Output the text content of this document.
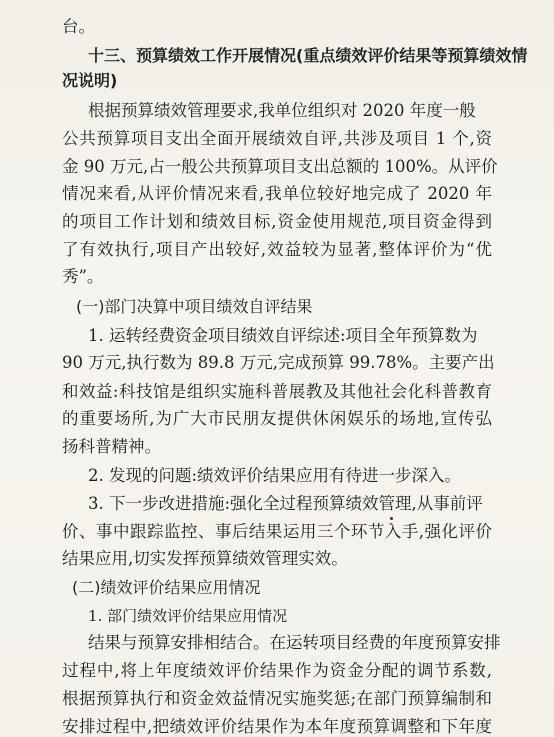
台。
十三、预算绩效工作开展情况(重点绩效评价结果等预算绩效情
况说明)
根据预算绩效管理要求,我单位组织对 2020 年度一般
公共预算项目支出全面开展绩效自评,共涉及项目 1 个,资
金 90 万元,占一般公共预算项目支出总额的 100%。从评价
情况来看,从评价情况来看,我单位较好地完成了 2020 年
的项目工作计划和绩效目标,资金使用规范,项目资金得到
了有效执行,项目产出较好,效益较为显著,整体评价为“优
秀”。
(一)部门决算中项目绩效自评结果
1. 运转经费资金项目绩效自评综述:项目全年预算数为
90 万元,执行数为 89.8 万元,完成预算 99.78%。主要产出
和效益:科技馆是组织实施科普展教及其他社会化科普教育
的重要场所,为广大市民朋友提供休闲娱乐的场地,宣传弘
扬科普精神。
2. 发现的问题:绩效评价结果应用有待进一步深入。
3. 下一步改进措施:强化全过程预算绩效管理,从事前评
价、事中跟踪监控、事后结果运用三个环节入手,强化评价
结果应用,切实发挥预算绩效管理实效。
(二)绩效评价结果应用情况
1. 部门绩效评价结果应用情况
结果与预算安排相结合。在运转项目经费的年度预算安排
过程中,将上年度绩效评价结果作为资金分配的调节系数,
根据预算执行和资金效益情况实施奖惩;在部门预算编制和
安排过程中,把绩效评价结果作为本年度预算调整和下年度
